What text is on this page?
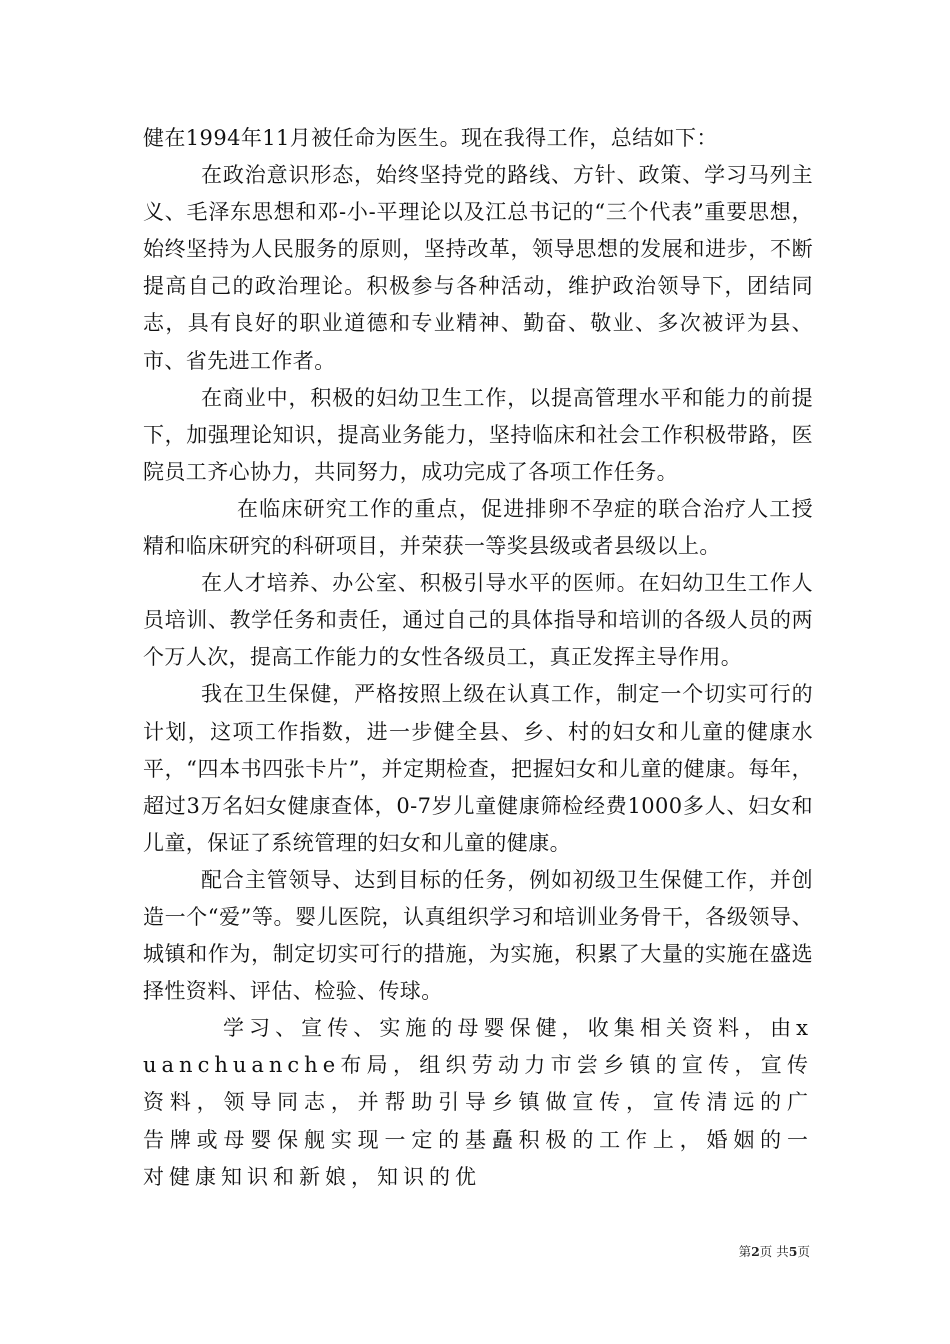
健在1994年11月被任命为医生。现在我得工作，总结如下：

在政治意识形态，始终坚持党的路线、方针、政策、学习马列主义、毛泽东思想和邓-小-平理论以及江总书记的“三个代表”重要思想，始终坚持为人民服务的原则，坚持改革，领导思想的发展和进步，不断提高自己的政治理论。积极参与各种活动，维护政治领导下，团结同志，具有良好的职业道德和专业精神、勤奋、敬业、多次被评为县、市、省先进工作者。

在商业中，积极的妇幼卫生工作，以提高管理水平和能力的前提下，加强理论知识，提高业务能力，坚持临床和社会工作积极带路，医院员工齐心协力，共同努力，成功完成了各项工作任务。

在临床研究工作的重点，促进排卵不孕症的联合治疗人工授精和临床研究的科研项目，并荣获一等奖县级或者县级以上。

在人才培养、办公室、积极引导水平的医师。在妇幼卫生工作人员培训、教学任务和责任，通过自己的具体指导和培训的各级人员的两个万人次，提高工作能力的女性各级员工，真正发挥主导作用。

我在卫生保健，严格按照上级在认真工作，制定一个切实可行的计划，这项工作指数，进一步健全县、乡、村的妇女和儿童的健康水平，“四本书四张卡片”，并定期检查，把握妇女和儿童的健康。每年，超过3万名妇女健康查体，0-7岁儿童健康筛检经费1000多人、妇女和儿童，保证了系统管理的妇女和儿童的健康。

配合主管领导、达到目标的任务，例如初级卫生保健工作，并创造一个“爱”等。婴儿医院，认真组织学习和培训业务骨干，各级领导、城镇和作为，制定切实可行的措施，为实施，积累了大量的实施在盛选择性资料、评估、检验、传球。

学习、宣传、实施的母婴保健，收集相关资料，由xuanchuanche布局，组织劳动力市尝乡镇的宣传，宣传资料，领导同志，并帮助引导乡镇做宣传，宣传清远的广告牌或母婴保舰实现一定的基矗积极的工作上，婚姻的一对健康知识和新娘，知识的优

第2页 共5页
